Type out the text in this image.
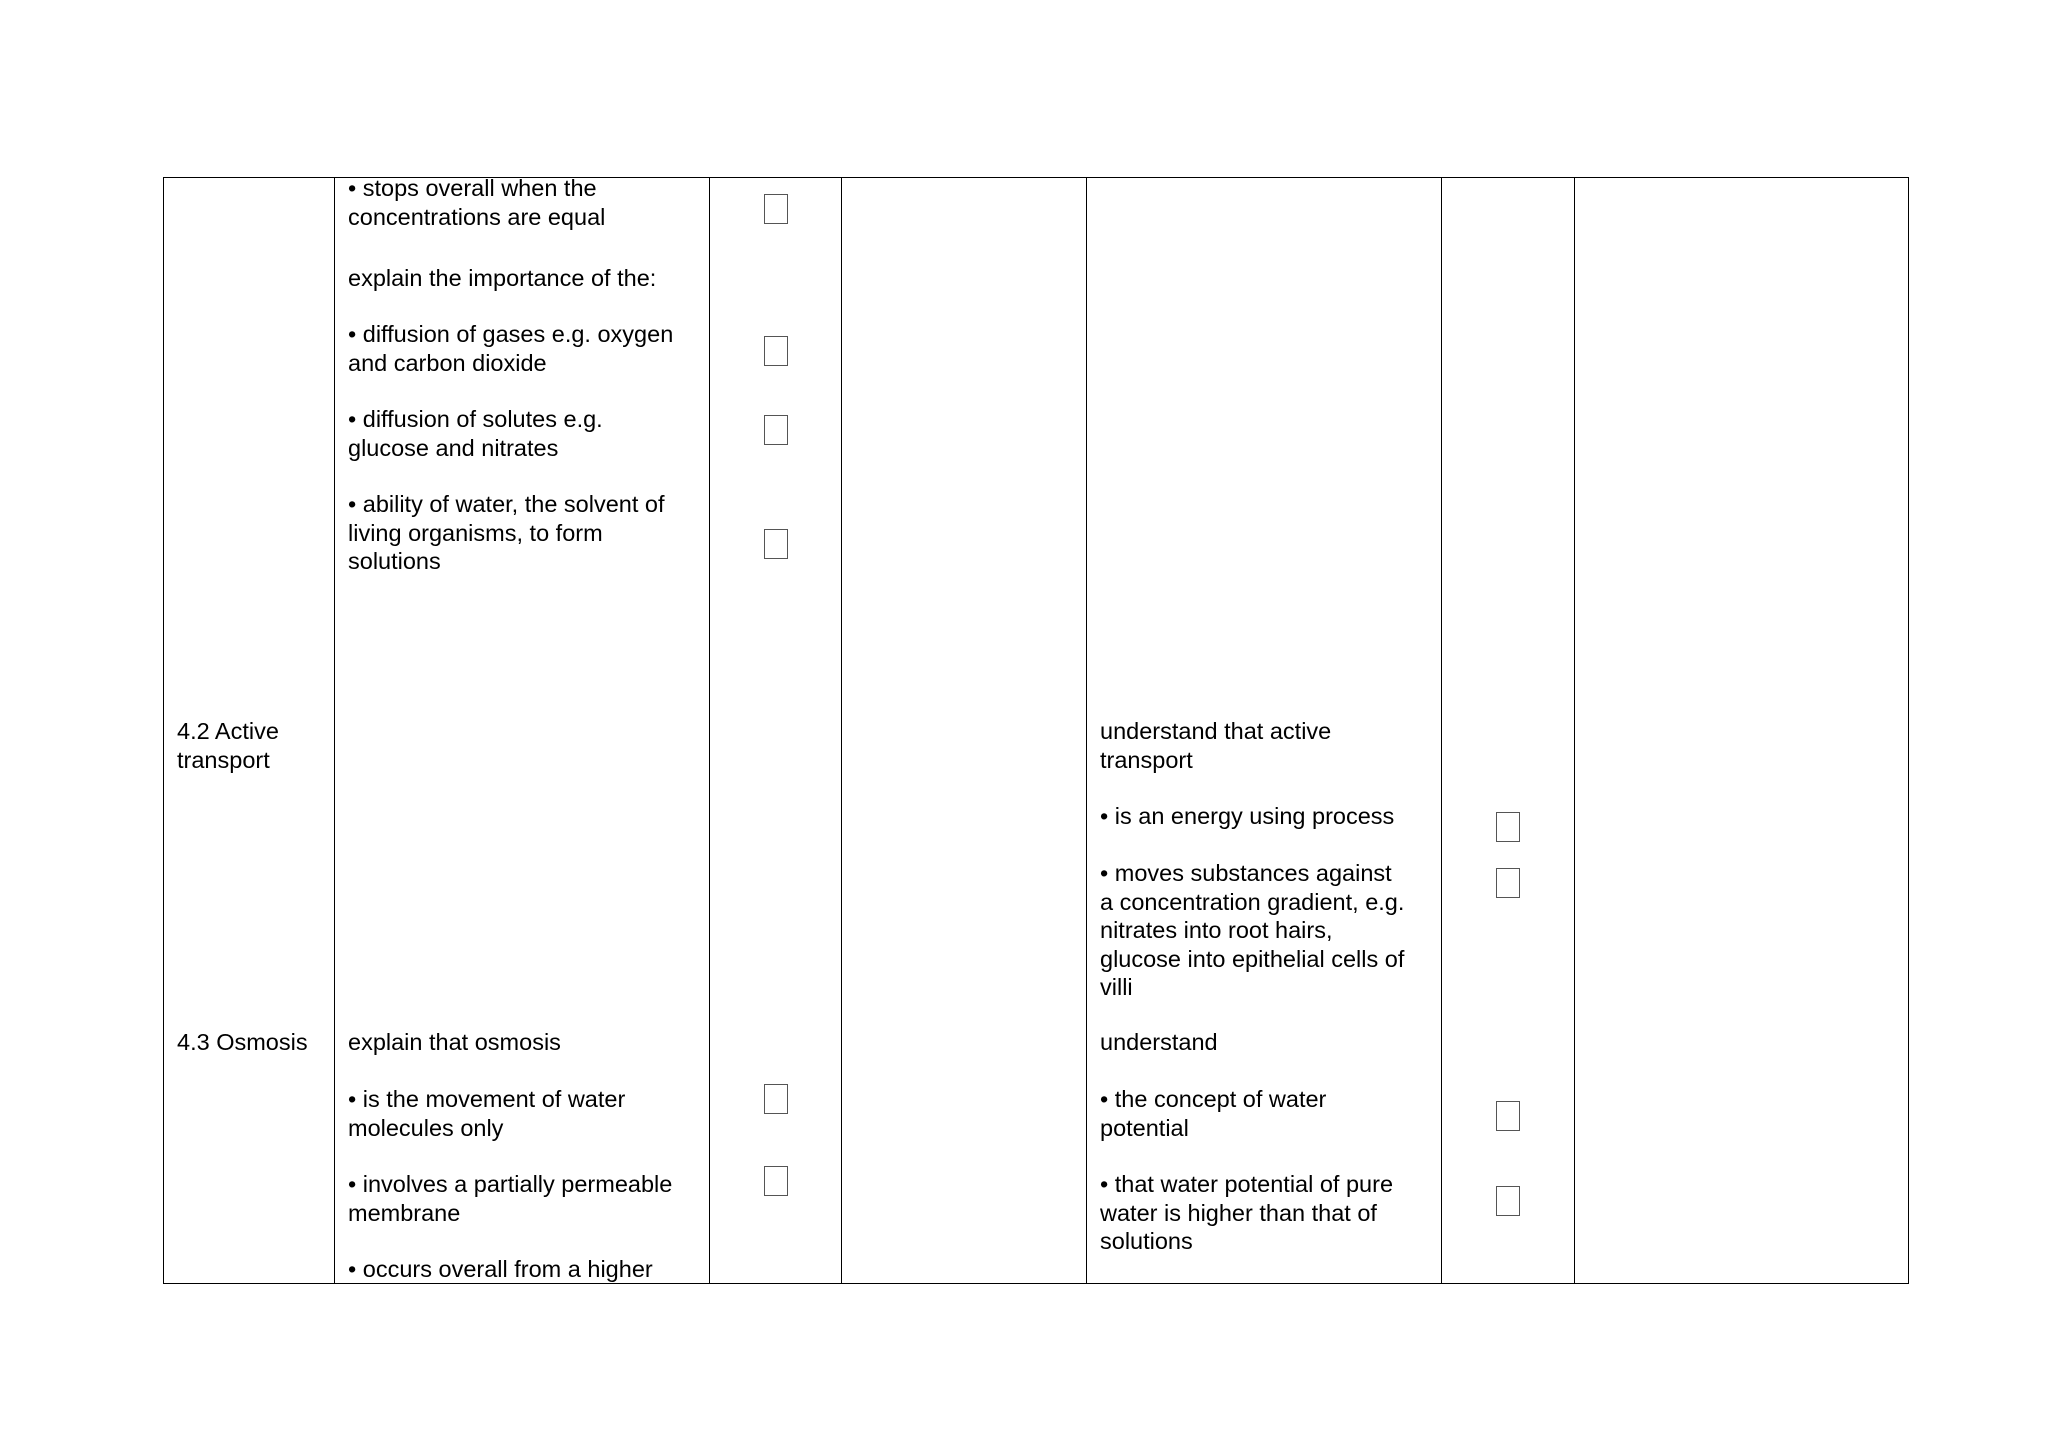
4.2 Active
transport

4.3 Osmosis

• stops overall when the
concentrations are equal

explain the importance of the:

• diffusion of gases e.g. oxygen
and carbon dioxide

• diffusion of solutes e.g.
glucose and nitrates

• ability of water, the solvent of
living organisms, to form
solutions

explain that osmosis

• is the movement of water
molecules only

• involves a partially permeable
membrane

• occurs overall from a higher

understand that active
transport

• is an energy using process

• moves substances against
a concentration gradient, e.g.
nitrates into root hairs,
glucose into epithelial cells of
villi

understand

• the concept of water
potential

• that water potential of pure
water is higher than that of
solutions
